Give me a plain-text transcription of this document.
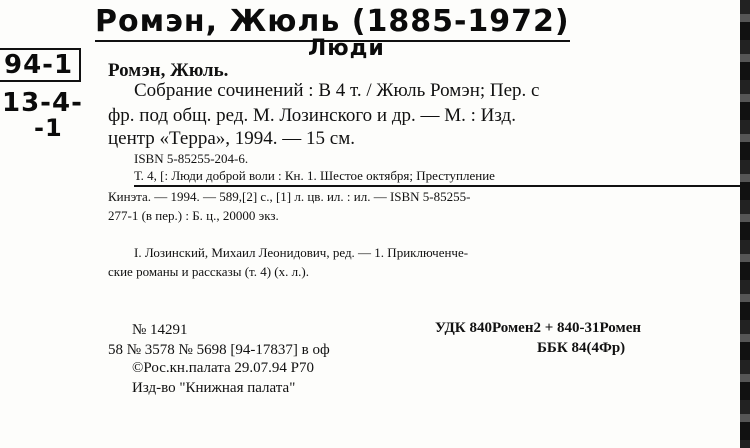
Ромэн, Жюль (1885-1972)
Люди
94-1
13-4-
-1
Ромэн, Жюль.
Собрание сочинений : В 4 т. / Жюль Ромэн; Пер. с
фр. под общ. ред. М. Лозинского и др. — М. : Изд.
центр «Терра», 1994. — 15 см.
ISBN 5-85255-204-6.
Т. 4, [: Люди доброй воли : Кн. 1. Шестое октября; Преступление
Кинэта. — 1994. — 589,[2] с., [1] л. цв. ил. : ил. — ISBN 5-85255-
277-1 (в пер.) : Б. ц., 20000 экз.
I. Лозинский, Михаил Леонидович, ред. — 1. Приключенче-
ские романы и рассказы (т. 4) (х. л.).
№ 14291
58 № 3578 № 5698 [94-17837] в оф
©Рос.кн.палата 29.07.94 Р70
Изд-во "Книжная палата"
УДК 840Ромен2 + 840-31Ромен
ББК 84(4Фр)
